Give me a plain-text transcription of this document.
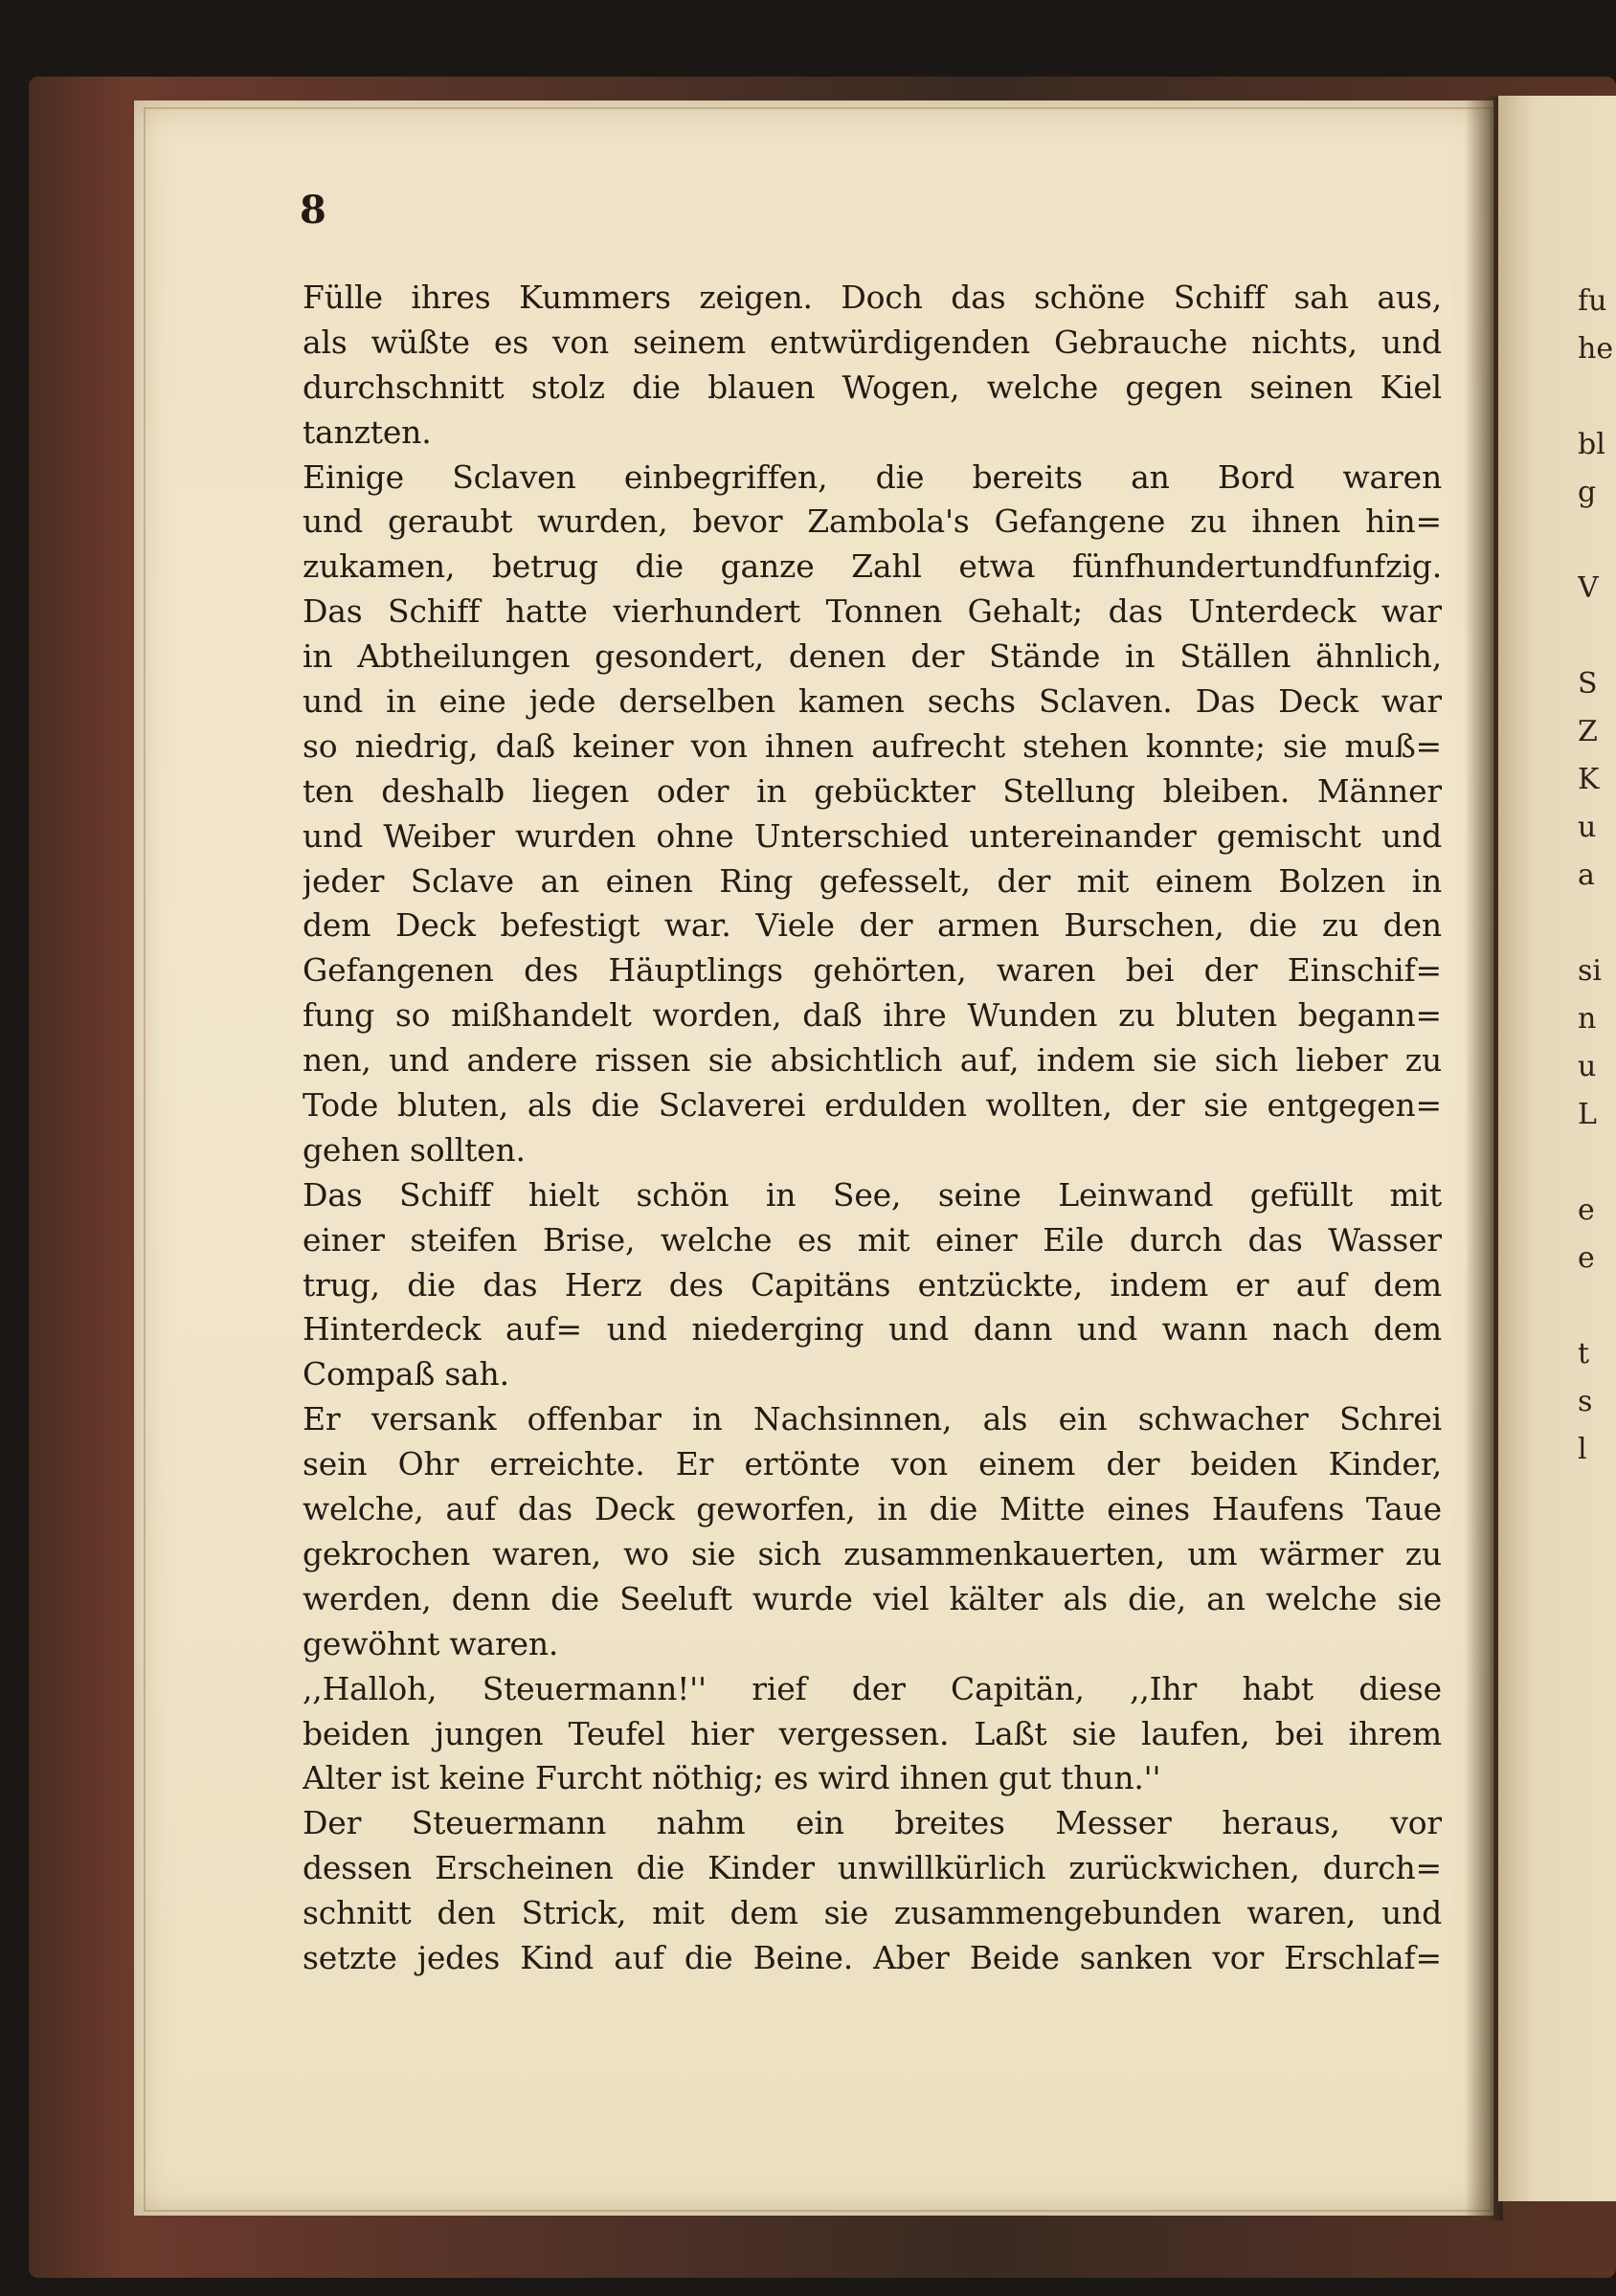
fu
he
bl
g
V
S
Z
K
u
a
si
n
u
L
e
e
t
s
l
8
Fülle ihres Kummers zeigen. Doch das schöne Schiff sah aus,
als wüßte es von seinem entwürdigenden Gebrauche nichts, und
durchschnitt stolz die blauen Wogen, welche gegen seinen Kiel
tanzten.
Einige Sclaven einbegriffen, die bereits an Bord waren
und geraubt wurden, bevor Zambola's Gefangene zu ihnen hin=
zukamen, betrug die ganze Zahl etwa fünfhundertundfunfzig.
Das Schiff hatte vierhundert Tonnen Gehalt; das Unterdeck war
in Abtheilungen gesondert, denen der Stände in Ställen ähnlich,
und in eine jede derselben kamen sechs Sclaven. Das Deck war
so niedrig, daß keiner von ihnen aufrecht stehen konnte; sie muß=
ten deshalb liegen oder in gebückter Stellung bleiben. Männer
und Weiber wurden ohne Unterschied untereinander gemischt und
jeder Sclave an einen Ring gefesselt, der mit einem Bolzen in
dem Deck befestigt war. Viele der armen Burschen, die zu den
Gefangenen des Häuptlings gehörten, waren bei der Einschif=
fung so mißhandelt worden, daß ihre Wunden zu bluten begann=
nen, und andere rissen sie absichtlich auf, indem sie sich lieber zu
Tode bluten, als die Sclaverei erdulden wollten, der sie entgegen=
gehen sollten.
Das Schiff hielt schön in See, seine Leinwand gefüllt mit
einer steifen Brise, welche es mit einer Eile durch das Wasser
trug, die das Herz des Capitäns entzückte, indem er auf dem
Hinterdeck auf= und niederging und dann und wann nach dem
Compaß sah.
Er versank offenbar in Nachsinnen, als ein schwacher Schrei
sein Ohr erreichte. Er ertönte von einem der beiden Kinder,
welche, auf das Deck geworfen, in die Mitte eines Haufens Taue
gekrochen waren, wo sie sich zusammenkauerten, um wärmer zu
werden, denn die Seeluft wurde viel kälter als die, an welche sie
gewöhnt waren.
,,Halloh, Steuermann!'' rief der Capitän, ,,Ihr habt diese
beiden jungen Teufel hier vergessen. Laßt sie laufen, bei ihrem
Alter ist keine Furcht nöthig; es wird ihnen gut thun.''
Der Steuermann nahm ein breites Messer heraus, vor
dessen Erscheinen die Kinder unwillkürlich zurückwichen, durch=
schnitt den Strick, mit dem sie zusammengebunden waren, und
setzte jedes Kind auf die Beine. Aber Beide sanken vor Erschlaf=
